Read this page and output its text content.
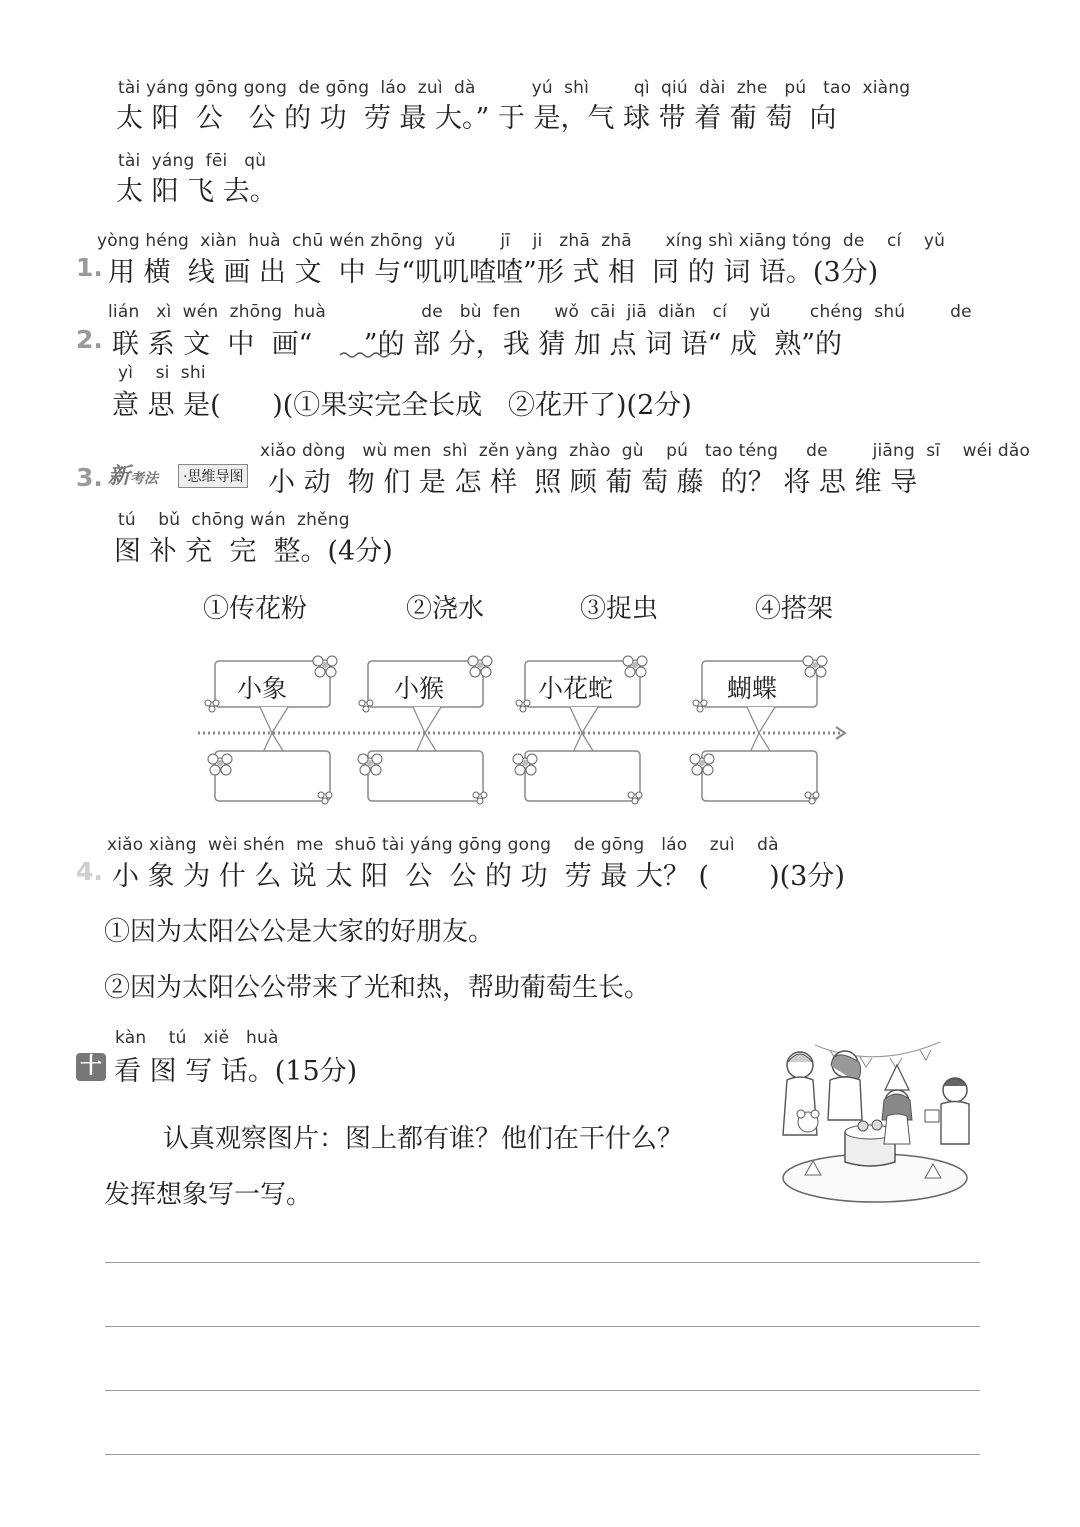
tài yáng gōng gong  de gōng  láo  zuì  dà          yú  shì        qì  qiú  dài  zhe   pú   tao  xiàng
太 阳  公   公 的 功  劳 最 大。” 于 是，气 球 带 着 葡 萄  向
tài  yáng  fēi   qù
太 阳 飞 去。
yòng héng  xiàn  huà  chū wén zhōng  yǔ        jī    ji   zhā  zhā      xíng shì xiāng tóng  de    cí    yǔ
1. 用 横  线 画 出 文  中 与“叽叽喳喳”形 式 相  同 的 词 语。(3分)
lián   xì  wén  zhōng  huà                 de   bù  fen      wǒ  cāi  jiā  diǎn   cí    yǔ       chéng  shú        de
2. 联 系 文  中  画“      ”的 部 分，我 猜 加 点 词 语“ 成  熟”的
yì    si  shi
意 思 是(      )(①果实完全长成   ②花开了)(2分)
xiǎo dòng   wù men  shì  zěn yàng  zhào  gù    pú   tao téng     de        jiāng  sī    wéi dǎo
3. 新考法	·思维导图 小 动  物 们 是 怎 样  照 顾 葡 萄 藤  的？ 将 思 维 导
tú    bǔ  chōng wán  zhěng
图 补 充  完  整。(4分)
①传花粉	②浇水	③捉虫	④搭架
小象	小猴	小花蛇	蝴蝶
xiǎo xiàng  wèi shén  me  shuō tài yáng gōng gong    de gōng   láo    zuì    dà
4. 小 象 为 什 么 说 太 阳  公  公 的 功  劳 最 大？ (       )(3分)
①因为太阳公公是大家的好朋友。
②因为太阳公公带来了光和热，帮助葡萄生长。
kàn    tú   xiě   huà
十 看 图 写 话。(15分)
认真观察图片：图上都有谁？他们在干什么？
发挥想象写一写。
